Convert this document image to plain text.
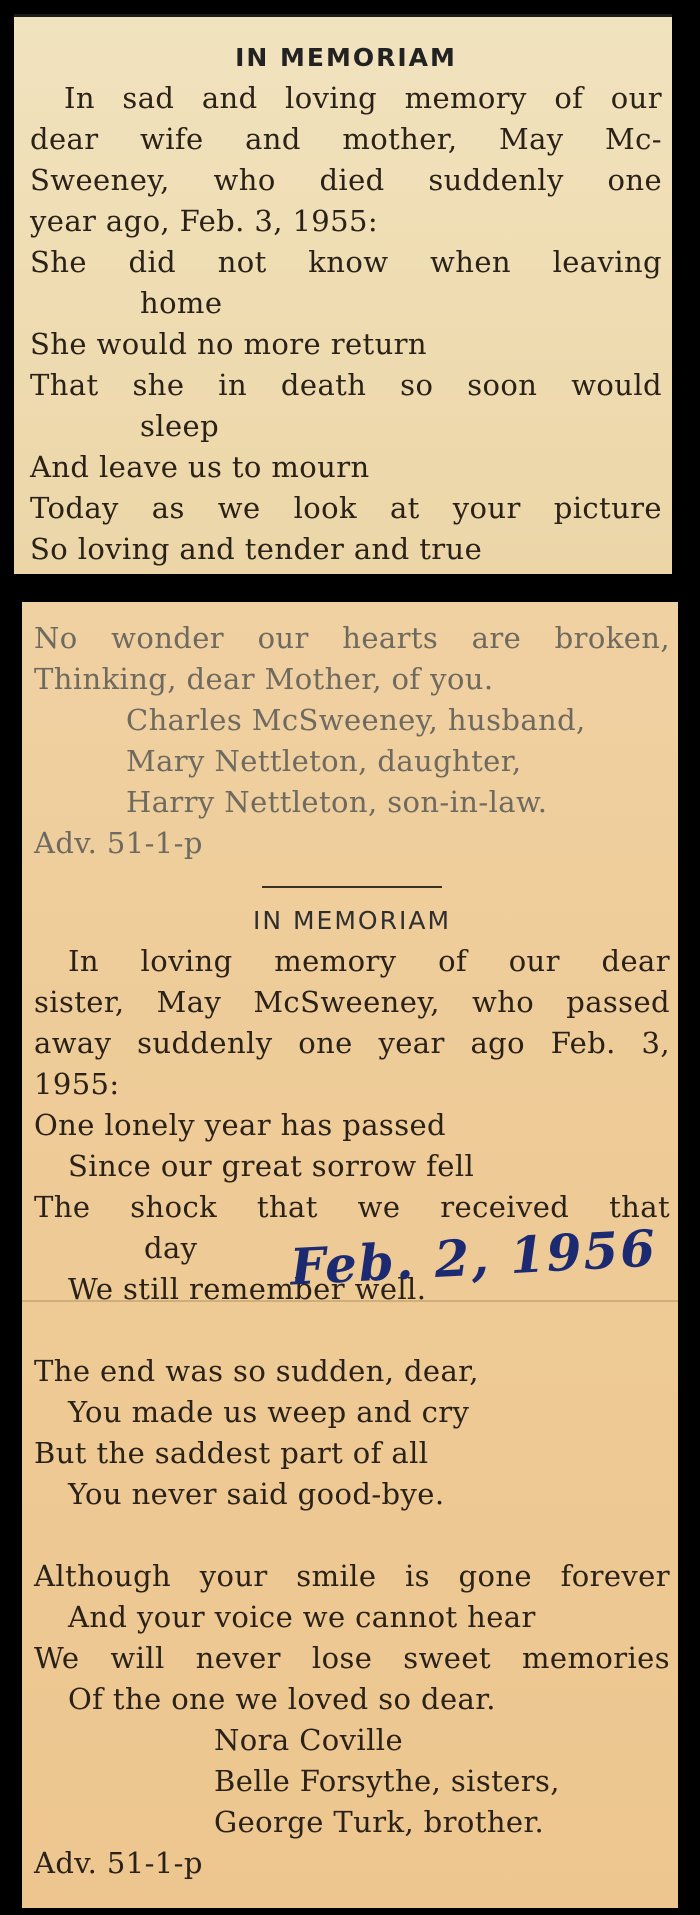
IN MEMORIAM
In sad and loving memory of our
dear wife and mother, May Mc-
Sweeney, who died suddenly one
year ago, Feb. 3, 1955:
She did not know when leaving
home
She would no more return
That she in death so soon would
sleep
And leave us to mourn
Today as we look at your picture
So loving and tender and true
No wonder our hearts are broken,
Thinking, dear Mother, of you.
Charles McSweeney, husband,
Mary Nettleton, daughter,
Harry Nettleton, son-in-law.
Adv. 51-1-p
IN MEMORIAM
In loving memory of our dear
sister, May McSweeney, who passed
away suddenly one year ago Feb. 3,
1955:
One lonely year has passed
Since our great sorrow fell
The shock that we received that
day
We still remember well.
The end was so sudden, dear,
You made us weep and cry
But the saddest part of all
You never said good-bye.
Although your smile is gone forever
And your voice we cannot hear
We will never lose sweet memories
Of the one we loved so dear.
Nora Coville
Belle Forsythe, sisters,
George Turk, brother.
Adv. 51-1-p
Feb. 2, 1956
